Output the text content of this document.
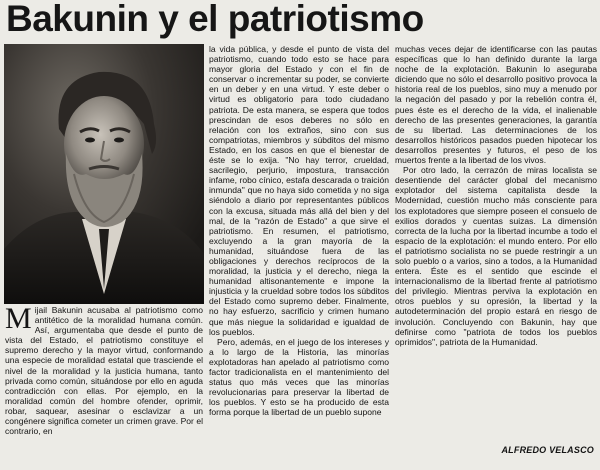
Bakunin y el patriotismo
M ijail Bakunin acusaba al patriotismo como antitético de la moralidad humana común. Así, argumentaba que desde el punto de vista del Estado, el patriotismo constituye el supremo derecho y la mayor virtud, conformando una especie de moralidad estatal que trasciende el nivel de la moralidad y la justicia humana, tanto privada como común, situándose por ello en aguda contradicción con ellas. Por ejemplo, en la moralidad común del hombre ofender, oprimir, robar, saquear, asesinar o esclavizar a un congénere significa cometer un crimen grave. Por el contrario, en

la vida pública, y desde el punto de vista del patriotismo, cuando todo esto se hace para mayor gloria del Estado y con el fin de conservar o incrementar su poder, se convierte en un deber y en una virtud. Y este deber o virtud es obligatorio para todo ciudadano patriota. De esta manera, se espera que todos prescindan de esos deberes no sólo en relación con los extraños, sino con sus compatriotas, miembros y súbditos del mismo Estado, en los casos en que el bienestar de éste se lo exija. "No hay terror, crueldad, sacrilegio, perjurio, impostura, transacción infame, robo cínico, estafa descarada o traición inmunda" que no haya sido cometida y no siga siéndolo a diario por representantes públicos con la excusa, situada más allá del bien y del mal, de la "razón de Estado" a que sirve el patriotismo. En resumen, el patriotismo, excluyendo a la gran mayoría de la humanidad, situándose fuera de las obligaciones y derechos recíprocos de la moralidad, la justicia y el derecho, niega la humanidad altisonantemente e impone la injusticia y la crueldad sobre todos los súbditos del Estado como supremo deber. Finalmente, no hay esfuerzo, sacrificio y crimen humano que más niegue la solidaridad e igualdad de los pueblos.

Pero, además, en el juego de los intereses y a lo largo de la Historia, las minorías explotadoras han apelado al patriotismo como factor tradicionalista en el mantenimiento del status quo más veces que las minorías revolucionarias para preservar la libertad de los pueblos. Y esto se ha producido de esta forma porque la libertad de un pueblo supone

muchas veces dejar de identificarse con las pautas específicas que lo han definido durante la larga noche de la explotación. Bakunin lo aseguraba diciendo que no sólo el desarrollo positivo provoca la historia real de los pueblos, sino muy a menudo por la negación del pasado y por la rebelión contra él, pues éste es el derecho de la vida, el inalienable derecho de las presentes generaciones, la garantía de su libertad. Las determinaciones de los desarrollos históricos pasados pueden hipotecar los desarrollos presentes y futuros, el peso de los muertos frente a la libertad de los vivos.

Por otro lado, la cerrazón de miras localista se desentiende del carácter global del mecanismo explotador del sistema capitalista desde la Modernidad, cuestión mucho más consciente para los explotadores que siempre poseen el consuelo de exilios dorados y cuentas suizas. La dimensión correcta de la lucha por la libertad incumbe a todo el espacio de la explotación: el mundo entero. Por ello el patriotismo socialista no se puede restringir a un solo pueblo o a varios, sino a todos, a la Humanidad entera. Éste es el sentido que escinde el internacionalismo de la libertad frente al patriotismo del privilegio. Mientras perviva la explotación en otros pueblos y su opresión, la libertad y la autodeterminación del propio estará en riesgo de involución. Concluyendo con Bakunin, hay que definirse como "patriota de todos los pueblos oprimidos", patriota de la Humanidad.

ALFREDO VELASCO
